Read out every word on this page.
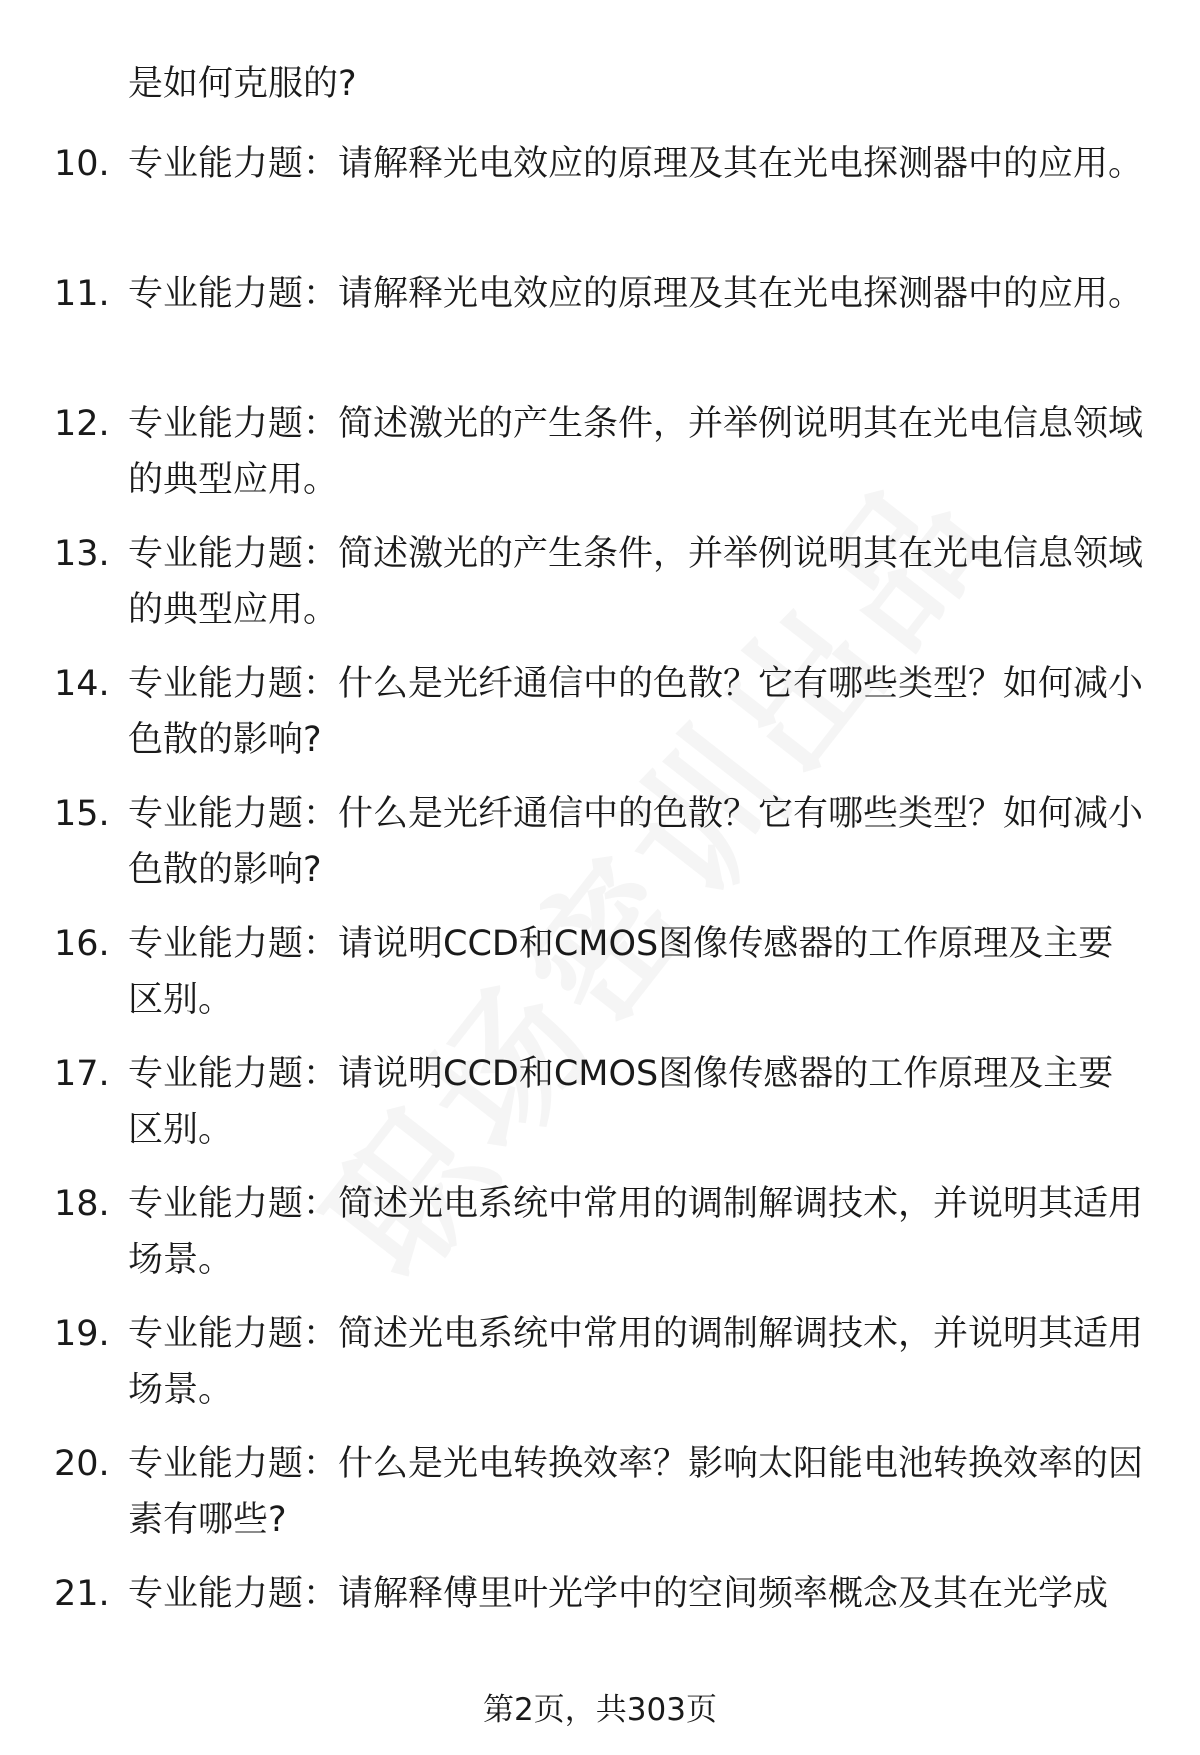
是如何克服的?
10. 专业能力题：请解释光电效应的原理及其在光电探测器中的应用。
11. 专业能力题：请解释光电效应的原理及其在光电探测器中的应用。
12. 专业能力题：简述激光的产生条件，并举例说明其在光电信息领域的典型应用。
13. 专业能力题：简述激光的产生条件，并举例说明其在光电信息领域的典型应用。
14. 专业能力题：什么是光纤通信中的色散？它有哪些类型？如何减小色散的影响?
15. 专业能力题：什么是光纤通信中的色散？它有哪些类型？如何减小色散的影响?
16. 专业能力题：请说明CCD和CMOS图像传感器的工作原理及主要区别。
17. 专业能力题：请说明CCD和CMOS图像传感器的工作原理及主要区别。
18. 专业能力题：简述光电系统中常用的调制解调技术，并说明其适用场景。
19. 专业能力题：简述光电系统中常用的调制解调技术，并说明其适用场景。
20. 专业能力题：什么是光电转换效率？影响太阳能电池转换效率的因素有哪些?
21. 专业能力题：请解释傅里叶光学中的空间频率概念及其在光学成
第2页，共303页
